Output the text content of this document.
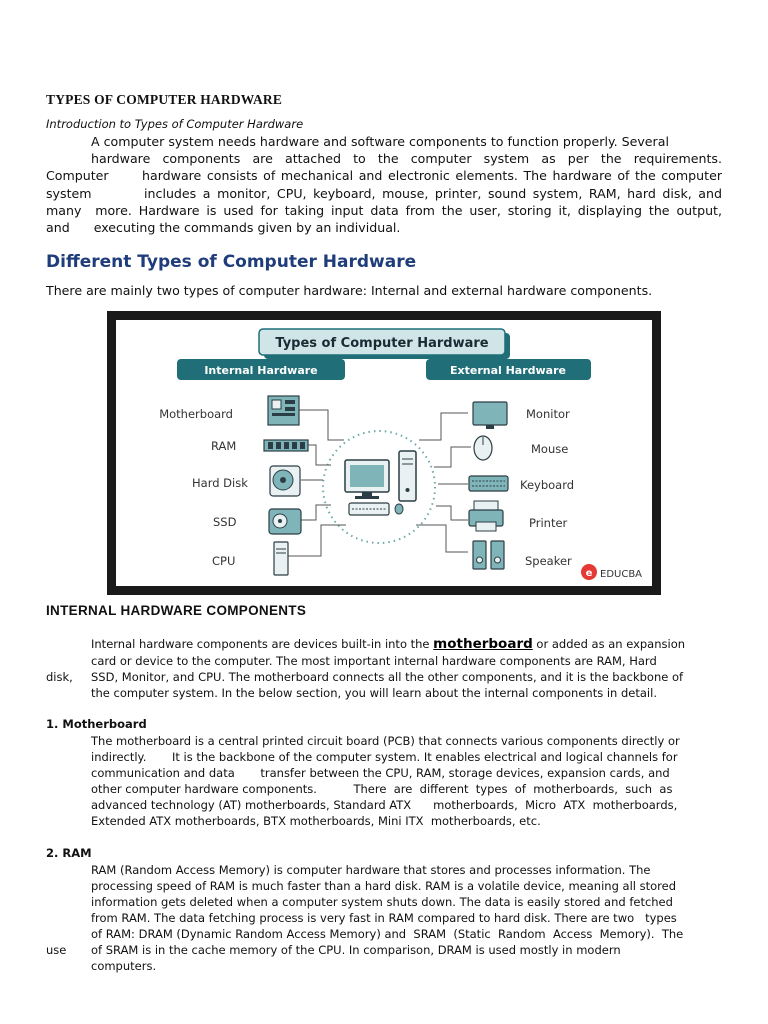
TYPES OF COMPUTER HARDWARE
Introduction to Types of Computer Hardware
A computer system needs hardware and software components to function properly. Several
hardware components are attached to the computer system as per the requirements.
Computer      hardware consists of mechanical and electronic elements. The hardware of the computer
system        includes a monitor, CPU, keyboard, mouse, printer, sound system, RAM, hard disk, and
many  more. Hardware is used for taking input data from the user, storing it, displaying the output,
and      executing the commands given by an individual.
Different Types of Computer Hardware
There are mainly two types of computer hardware: Internal and external hardware components.
Types of Computer Hardware
Internal Hardware	External Hardware
Motherboard
RAM
Hard Disk
SSD
CPU
Monitor
Mouse
Keyboard
Printer
Speaker
e EDUCBA
INTERNAL HARDWARE COMPONENTS
Internal hardware components are devices built-in into the motherboard or added as an expansion
card or device to the computer. The most important internal hardware components are RAM, Hard
disk, SSD, Monitor, and CPU. The motherboard connects all the other components, and it is the backbone of
the computer system. In the below section, you will learn about the internal components in detail.
1. Motherboard
The motherboard is a central printed circuit board (PCB) that connects various components directly or
indirectly.       It is the backbone of the computer system. It enables electrical and logical channels for
communication and data       transfer between the CPU, RAM, storage devices, expansion cards, and
other computer hardware components.          There  are  different  types  of  motherboards,  such  as
advanced technology (AT) motherboards, Standard ATX      motherboards,  Micro  ATX  motherboards,
Extended ATX motherboards, BTX motherboards, Mini ITX  motherboards, etc.
2. RAM
RAM (Random Access Memory) is computer hardware that stores and processes information. The
processing speed of RAM is much faster than a hard disk. RAM is a volatile device, meaning all stored
information gets deleted when a computer system shuts down. The data is easily stored and fetched
from RAM. The data fetching process is very fast in RAM compared to hard disk. There are two   types
of RAM: DRAM (Dynamic Random Access Memory) and  SRAM  (Static  Random  Access  Memory).  The
use of SRAM is in the cache memory of the CPU. In comparison, DRAM is used mostly in modern
computers.
